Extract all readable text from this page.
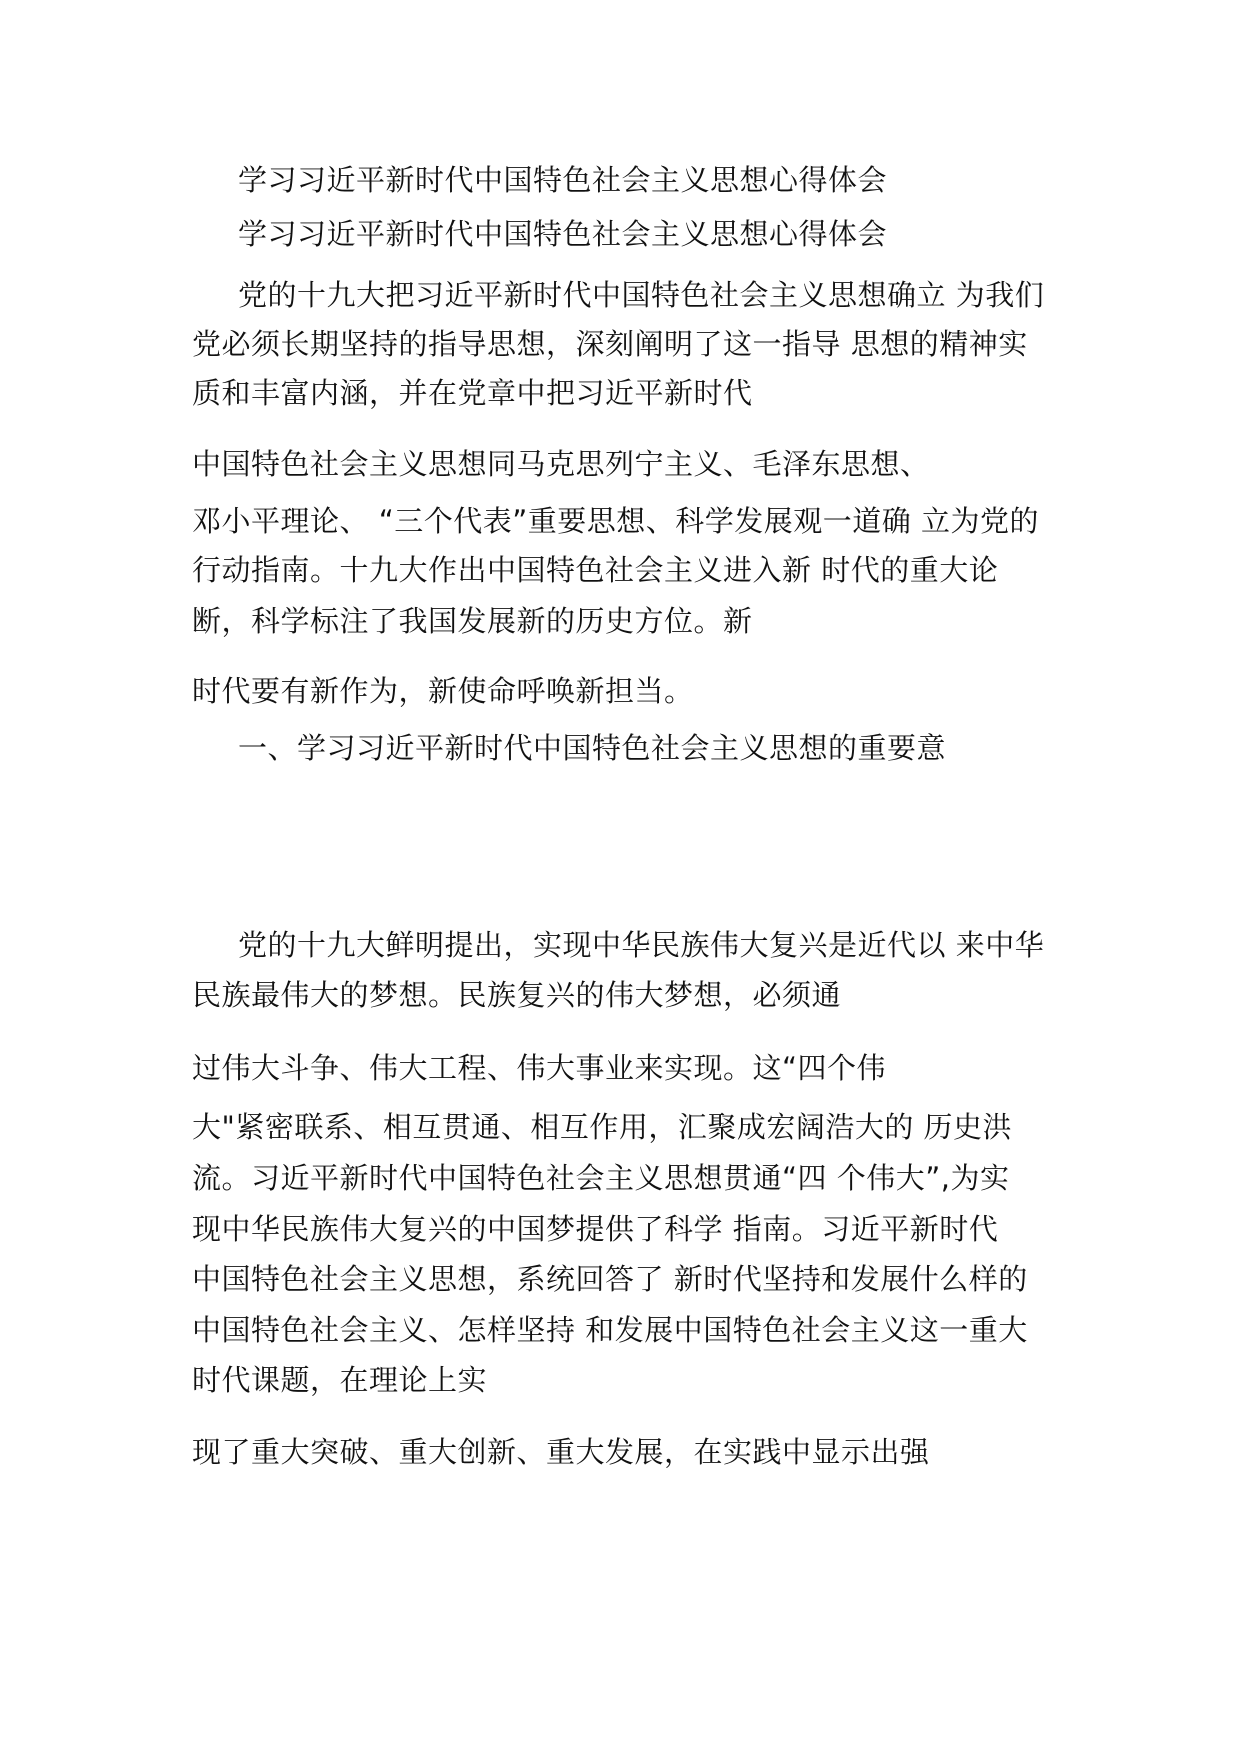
学习习近平新时代中国特色社会主义思想心得体会
学习习近平新时代中国特色社会主义思想心得体会
党的十九大把习近平新时代中国特色社会主义思想确立 为我们
党必须长期坚持的指导思想，深刻阐明了这一指导 思想的精神实
质和丰富内涵，并在党章中把习近平新时代
中国特色社会主义思想同马克思列宁主义、毛泽东思想、
邓小平理论、 “三个代表”重要思想、科学发展观一道确 立为党的
行动指南。十九大作出中国特色社会主义进入新 时代的重大论
断，科学标注了我国发展新的历史方位。新
时代要有新作为，新使命呼唤新担当。
一、学习习近平新时代中国特色社会主义思想的重要意
党的十九大鲜明提出，实现中华民族伟大复兴是近代以 来中华
民族最伟大的梦想。民族复兴的伟大梦想，必须通
过伟大斗争、伟大工程、伟大事业来实现。这“四个伟
大"紧密联系、相互贯通、相互作用，汇聚成宏阔浩大的 历史洪
流。习近平新时代中国特色社会主义思想贯通“四 个伟大”,为实
现中华民族伟大复兴的中国梦提供了科学 指南。习近平新时代
中国特色社会主义思想，系统回答了 新时代坚持和发展什么样的
中国特色社会主义、怎样坚持 和发展中国特色社会主义这一重大
时代课题，在理论上实
现了重大突破、重大创新、重大发展，在实践中显示出强
